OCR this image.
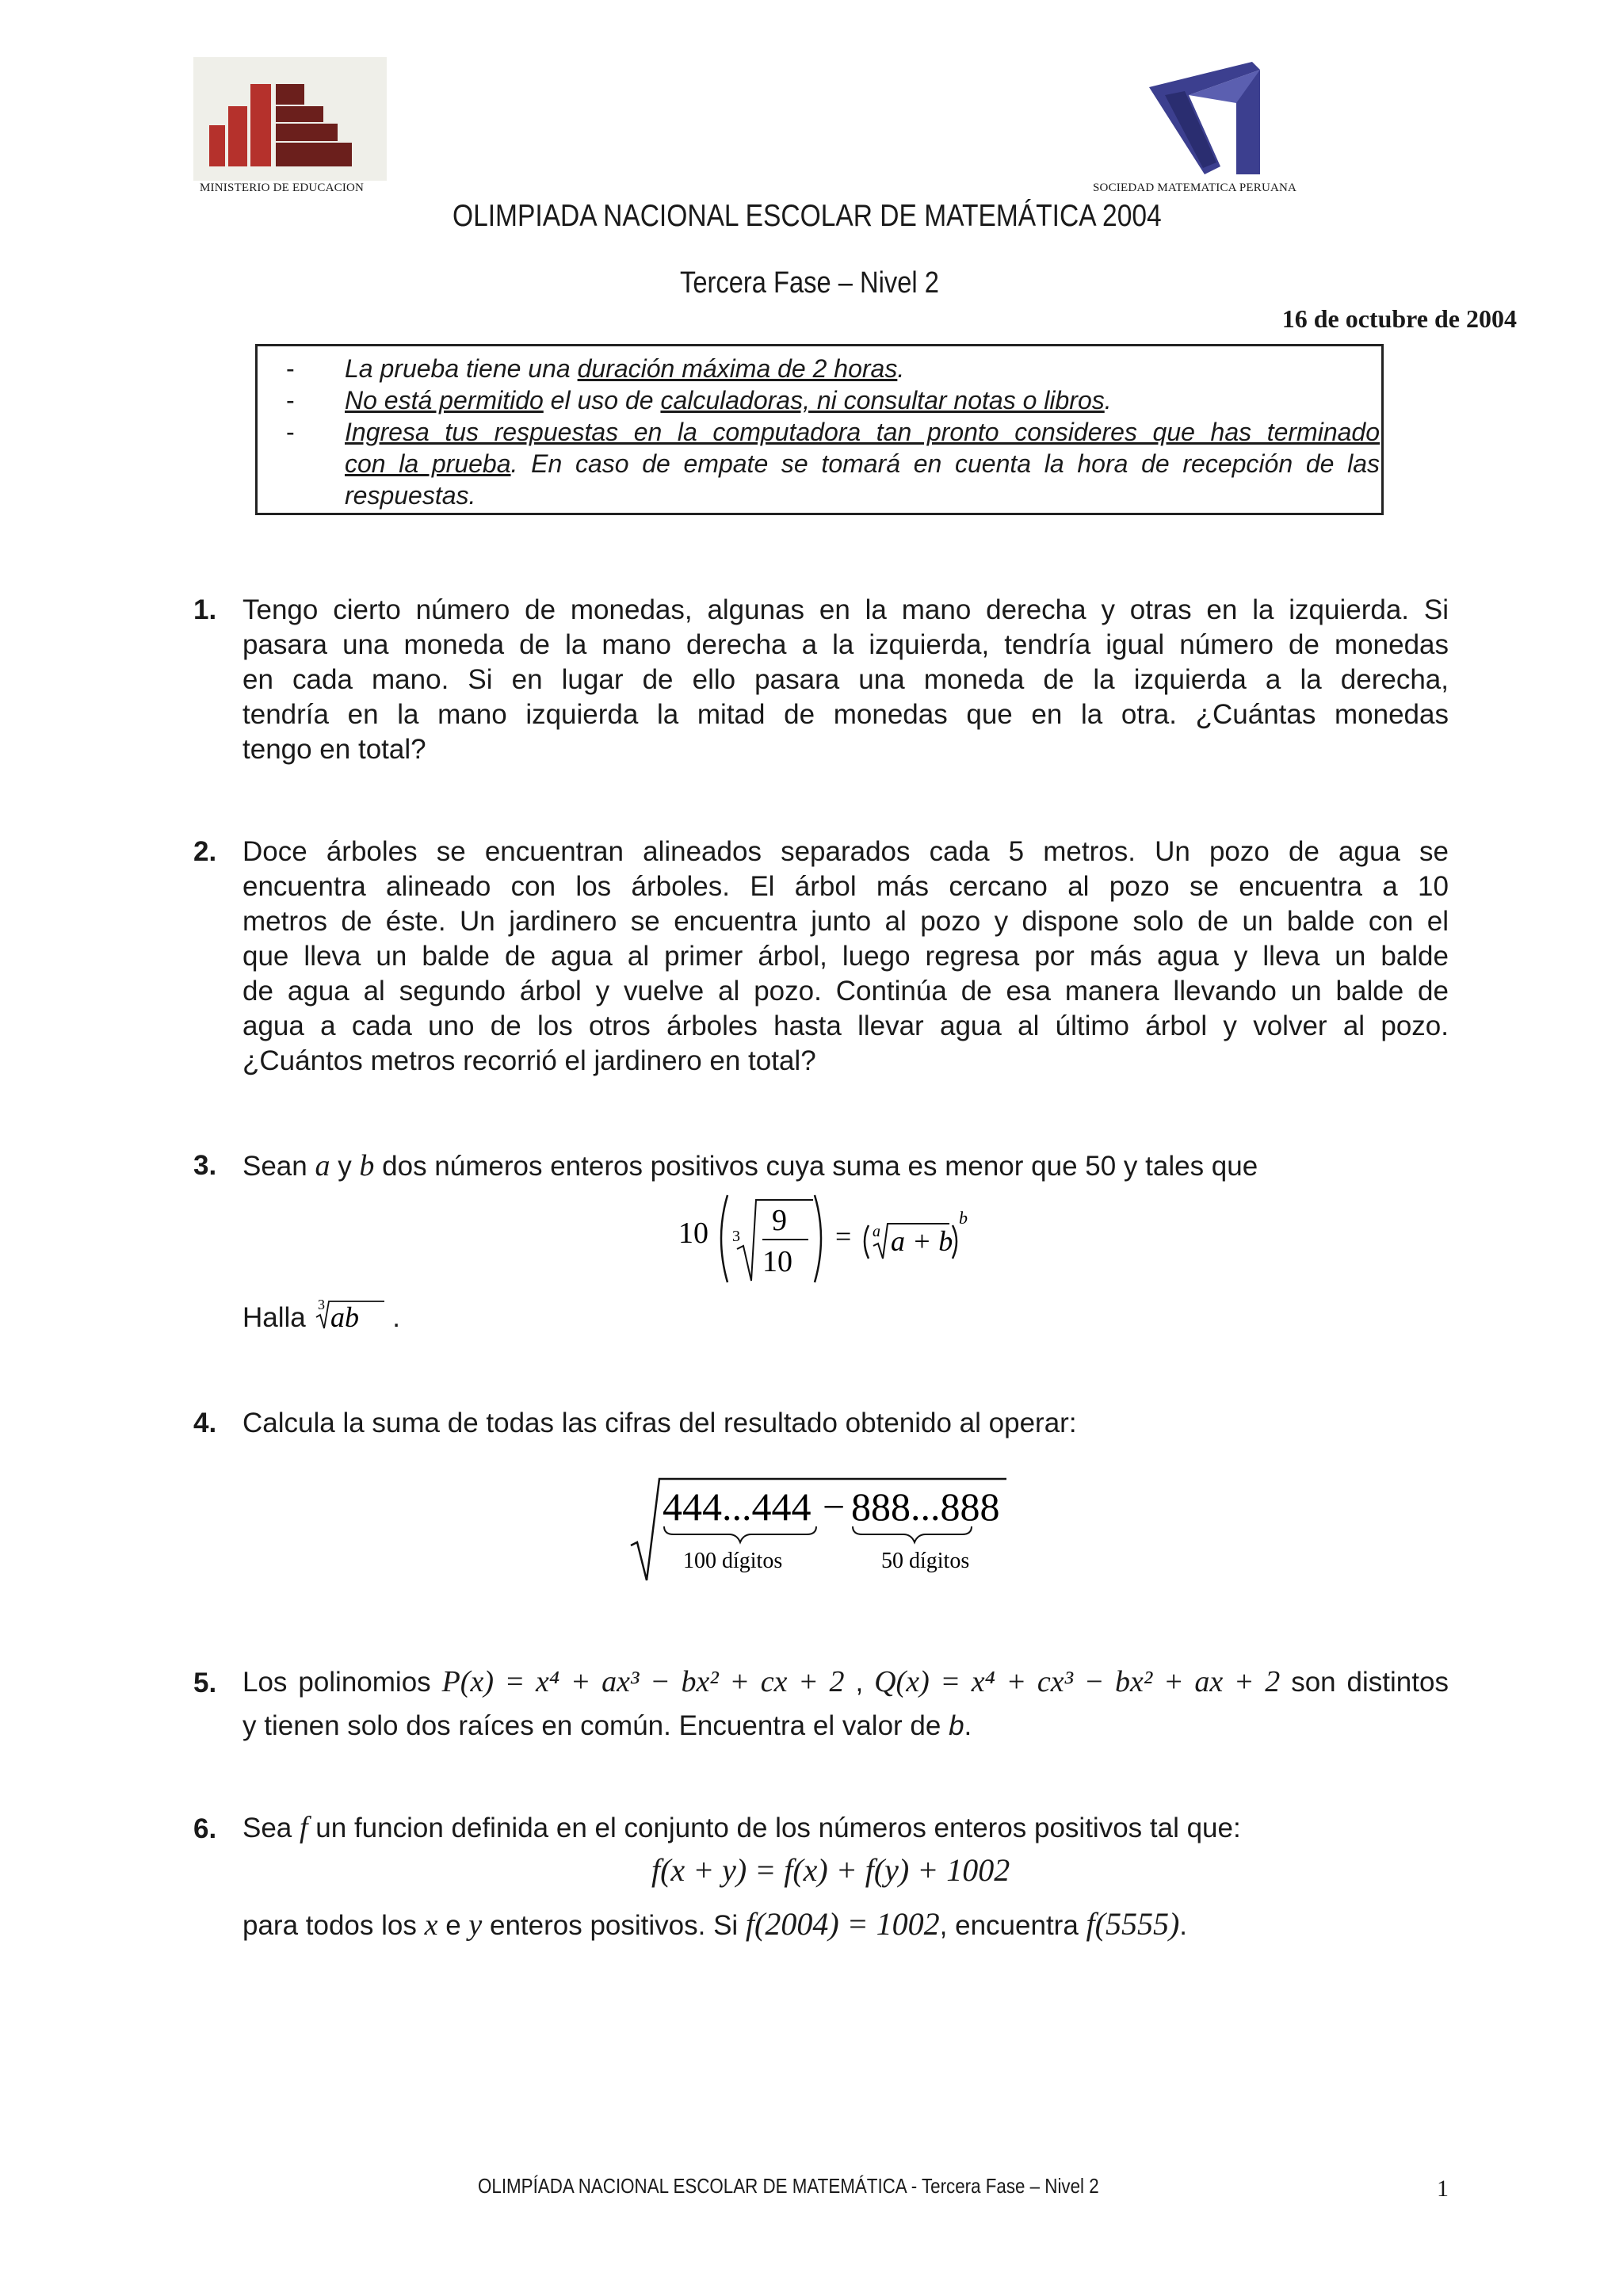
MINISTERIO DE EDUCACION	SOCIEDAD MATEMATICA PERUANA
OLIMPIADA NACIONAL ESCOLAR DE MATEMÁTICA 2004
Tercera Fase – Nivel 2
16 de octubre de 2004
- La prueba tiene una duración máxima de 2 horas.
- No está permitido el uso de calculadoras, ni consultar notas o libros.
- Ingresa tus respuestas en la computadora tan pronto consideres que has terminado
con la prueba. En caso de empate se tomará en cuenta la hora de recepción de las
respuestas.
1. Tengo cierto número de monedas, algunas en la mano derecha y otras en la izquierda. Si
pasara una moneda de la mano derecha a la izquierda, tendría igual número de monedas
en cada mano. Si en lugar de ello pasara una moneda de la izquierda a la derecha,
tendría en la mano izquierda la mitad de monedas que en la otra. ¿Cuántas monedas
tengo en total?
2. Doce árboles se encuentran alineados separados cada 5 metros. Un pozo de agua se
encuentra alineado con los árboles. El árbol más cercano al pozo se encuentra a 10
metros de éste. Un jardinero se encuentra junto al pozo y dispone solo de un balde con el
que lleva un balde de agua al primer árbol, luego regresa por más agua y lleva un balde
de agua al segundo árbol y vuelve al pozo. Continúa de esa manera llevando un balde de
agua a cada uno de los otros árboles hasta llevar agua al último árbol y volver al pozo.
¿Cuántos metros recorrió el jardinero en total?
3. Sean a y b dos números enteros positivos cuya suma es menor que 50 y tales que
10 3 9
10
= a a + b
b
Halla 3 ab .
4. Calcula la suma de todas las cifras del resultado obtenido al operar:
444...444 − 888...888
100 dígitos	50 dígitos
5. Los polinomios P(x) = x⁴ + ax³ − bx² + cx + 2 , Q(x) = x⁴ + cx³ − bx² + ax + 2 son distintos
y tienen solo dos raíces en común. Encuentra el valor de b.
6. Sea f un funcion definida en el conjunto de los números enteros positivos tal que:
f(x + y) = f(x) + f(y) + 1002
para todos los x e y enteros positivos. Si f(2004) = 1002, encuentra f(5555).
OLIMPÍADA NACIONAL ESCOLAR DE MATEMÁTICA - Tercera Fase – Nivel 2	1
